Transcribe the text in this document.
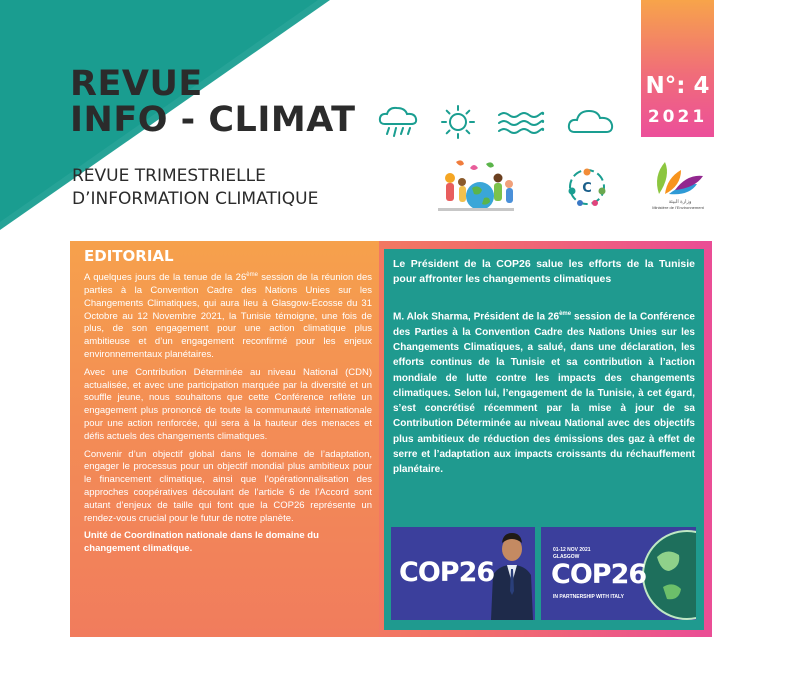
REVUE
INFO - CLIMAT
REVUE TRIMESTRIELLE
D’INFORMATION CLIMATIQUE
N°: 4
2021
C
وزارة البيئة
Ministère de l’Environnement
EDITORIAL

A quelques jours de la tenue de la 26ème session de la réunion des parties à la Convention Cadre des Nations Unies sur les Changements Climatiques, qui aura lieu à Glasgow-Ecosse du 31 Octobre au 12 Novembre 2021, la Tunisie témoigne, une fois de plus, de son engagement pour une action climatique plus ambitieuse et d’un engagement reconfirmé pour les enjeux environnementaux planétaires.

Avec une Contribution Déterminée au niveau National (CDN) actualisée, et avec une participation marquée par la diversité et un souffle jeune, nous souhaitons que cette Conférence reflète un engagement plus prononcé de toute la communauté internationale pour une action renforcée, qui sera à la hauteur des menaces et défis actuels des changements climatiques.

Convenir d’un objectif global dans le domaine de l’adaptation, engager le processus pour un objectif mondial plus ambitieux pour le financement climatique, ainsi que l’opérationnalisation des approches coopératives découlant de l’article 6 de l’Accord sont autant d’enjeux de taille qui font que la COP26 représente un rendez-vous crucial pour le futur de notre planète.

Unité de Coordination nationale dans le domaine du changement climatique.

Le Président de la COP26 salue les efforts de la Tunisie pour affronter les changements climatiques

M. Alok Sharma, Président de la 26ème session de la Conférence des Parties à la Convention Cadre des Nations Unies sur les Changements Climatiques, a salué, dans une déclaration, les efforts continus de la Tunisie et sa contribution à l’action mondiale de lutte contre les impacts des changements climatiques. Selon lui, l’engagement de la Tunisie, à cet égard, s’est concrétisé récemment par la mise à jour de sa Contribution Déterminée au niveau National avec des objectifs plus ambitieux de réduction des émissions des gaz à effet de serre et l’adaptation aux impacts croissants du réchauffement planétaire.

COP26
01-12 NOV 2021
GLASGOW
COP26
IN PARTNERSHIP WITH ITALY
